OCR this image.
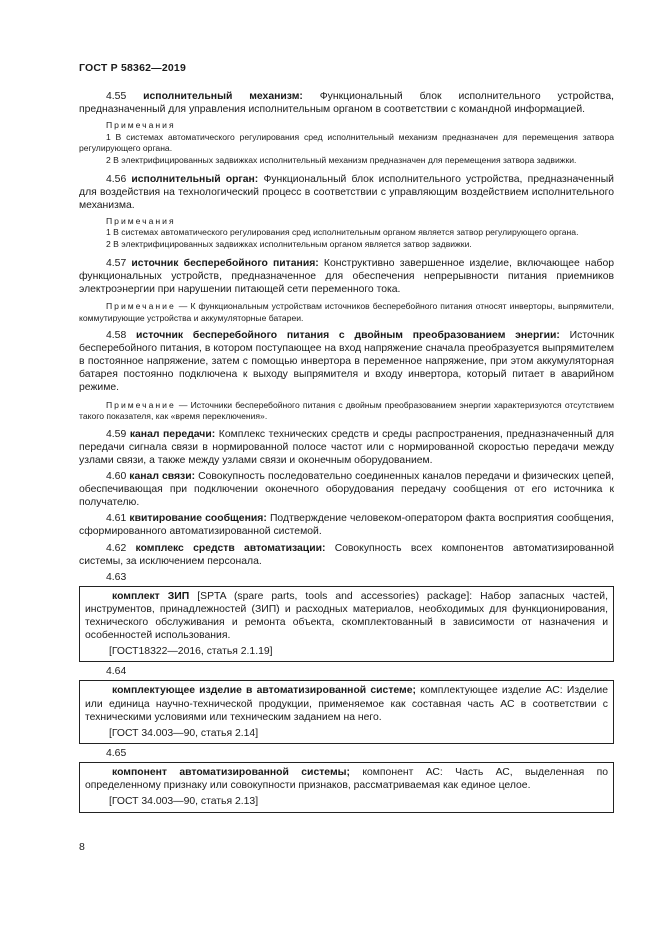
ГОСТ Р 58362—2019

4.55 исполнительный механизм: Функциональный блок исполнительного устройства, предназначенный для управления исполнительным органом в соответствии с командной информацией.

Примечания

1 В системах автоматического регулирования сред исполнительный механизм предназначен для перемещения затвора регулирующего органа.

2 В электрифицированных задвижках исполнительный механизм предназначен для перемещения затвора задвижки.

4.56 исполнительный орган: Функциональный блок исполнительного устройства, предназначенный для воздействия на технологический процесс в соответствии с управляющим воздействием исполнительного механизма.

Примечания

1 В системах автоматического регулирования сред исполнительным органом является затвор регулирующего органа.

2 В электрифицированных задвижках исполнительным органом является затвор задвижки.

4.57 источник бесперебойного питания: Конструктивно завершенное изделие, включающее набор функциональных устройств, предназначенное для обеспечения непрерывности питания приемников электроэнергии при нарушении питающей сети переменного тока.

Примечание — К функциональным устройствам источников бесперебойного питания относят инверторы, выпрямители, коммутирующие устройства и аккумуляторные батареи.

4.58 источник бесперебойного питания с двойным преобразованием энергии: Источник бесперебойного питания, в котором поступающее на вход напряжение сначала преобразуется выпрямителем в постоянное напряжение, затем с помощью инвертора в переменное напряжение, при этом аккумуляторная батарея постоянно подключена к выходу выпрямителя и входу инвертора, который питает в аварийном режиме.

Примечание — Источники бесперебойного питания с двойным преобразованием энергии характеризуются отсутствием такого показателя, как «время переключения».

4.59 канал передачи: Комплекс технических средств и среды распространения, предназначенный для передачи сигнала связи в нормированной полосе частот или с нормированной скоростью передачи между узлами связи, а также между узлами связи и оконечным оборудованием.

4.60 канал связи: Совокупность последовательно соединенных каналов передачи и физических цепей, обеспечивающая при подключении оконечного оборудования передачу сообщения от его источника к получателю.

4.61 квитирование сообщения: Подтверждение человеком-оператором факта восприятия сообщения, сформированного автоматизированной системой.

4.62 комплекс средств автоматизации: Совокупность всех компонентов автоматизированной системы, за исключением персонала.

4.63

комплект ЗИП [SPTA (spare parts, tools and accessories) package]: Набор запасных частей, инструментов, принадлежностей (ЗИП) и расходных материалов, необходимых для функционирования, технического обслуживания и ремонта объекта, скомплектованный в зависимости от назначения и особенностей использования.

[ГОСТ18322—2016, статья 2.1.19]
4.64

комплектующее изделие в автоматизированной системе; комплектующее изделие АС: Изделие или единица научно-технической продукции, применяемое как составная часть АС в соответствии с техническими условиями или техническим заданием на него.

[ГОСТ 34.003—90, статья 2.14]
4.65

компонент автоматизированной системы; компонент АС: Часть АС, выделенная по определенному признаку или совокупности признаков, рассматриваемая как единое целое.

[ГОСТ 34.003—90, статья 2.13]
8
